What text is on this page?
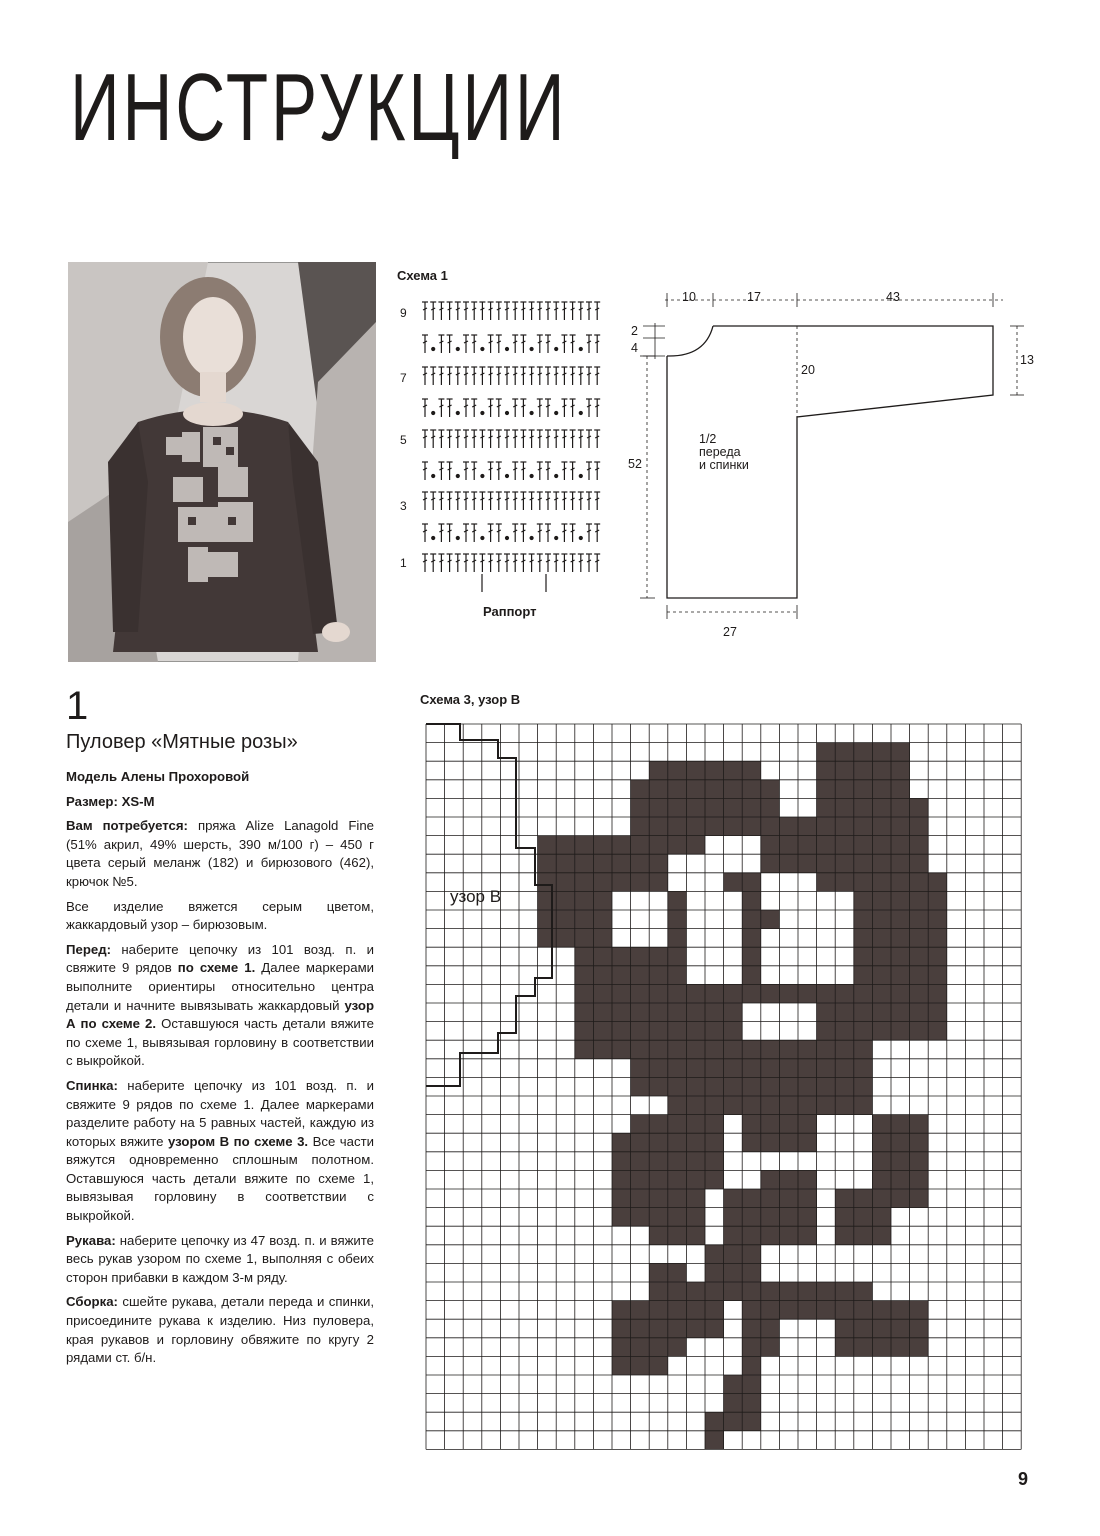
ИНСТРУКЦИИ
Схема 1
9
7
5
3
1
Раппорт
10	17	43
2
4
20
13
52
27
1/2
переда
и спинки
Схема 3, узор B
узор B
1
Пуловер «Мятные розы»
Модель Алены Прохоровой
Размер: XS-M

Вам потребуется: пряжа Alize Lanagold Fine (51% акрил, 49% шерсть, 390 м/100 г) – 450 г цвета серый меланж (182) и бирюзового (462), крючок №5.

Все изделие вяжется серым цветом, жаккардовый узор – бирюзовым.

Перед: наберите цепочку из 101 возд. п. и свяжите 9 рядов по схеме 1. Далее маркерами выполните ориентиры относительно центра детали и начните вывязывать жаккардовый узор А по схеме 2. Оставшуюся часть детали вяжите по схеме 1, вывязывая горловину в соответствии с выкройкой.

Спинка: наберите цепочку из 101 возд. п. и свяжите 9 рядов по схеме 1. Далее маркерами разделите работу на 5 равных частей, каждую из которых вяжите узором B по схеме 3. Все части вяжутся одновременно сплошным полотном. Оставшуюся часть детали вяжите по схеме 1, вывязывая горловину в соответствии с выкройкой.

Рукава: наберите цепочку из 47 возд. п. и вяжите весь рукав узором по схеме 1, выполняя с обеих сторон прибавки в каждом 3-м ряду.

Сборка: сшейте рукава, детали переда и спинки, присоедините рукава к изделию. Низ пуловера, края рукавов и горловину обвяжите по кругу 2 рядами ст. б/н.

9
